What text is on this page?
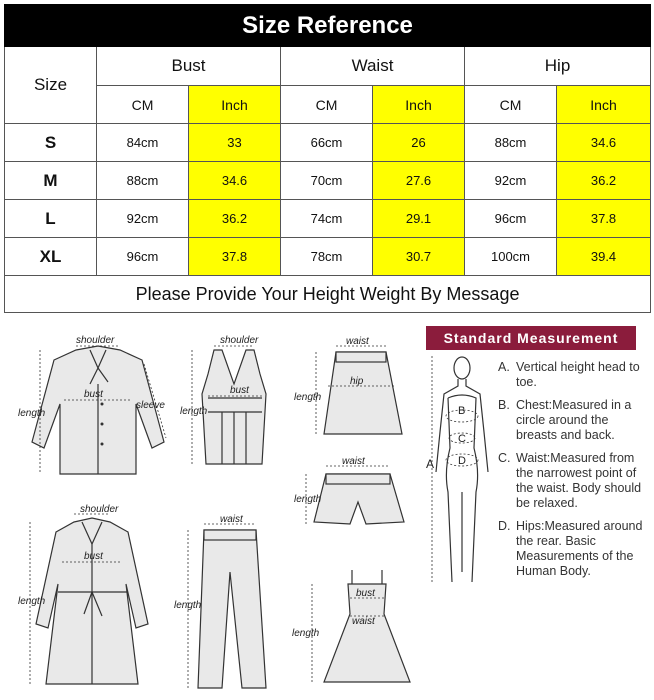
Size Reference						
Size	Bust		Waist		Hip	
	CM	Inch	CM	Inch	CM	Inch
S	84cm	33	66cm	26	88cm	34.6
M	88cm	34.6	70cm	27.6	92cm	36.2
L	92cm	36.2	74cm	29.1	96cm	37.8
XL	96cm	37.8	78cm	30.7	100cm	39.4
Please Provide Your Height Weight By Message						
shoulder
bust
sleeve
length
shoulder
bust
length
waist
hip
length
waist
length
shoulder
bust
length
waist
length
bust
waist
length
Standard Measurement
A
B
C
D
A. Vertical height head to toe.
B. Chest:Measured in a circle around the breasts and back.
C. Waist:Measured from the narrowest point of the waist. Body should be relaxed.
D. Hips:Measured around the rear. Basic Measurements of the Human Body.
